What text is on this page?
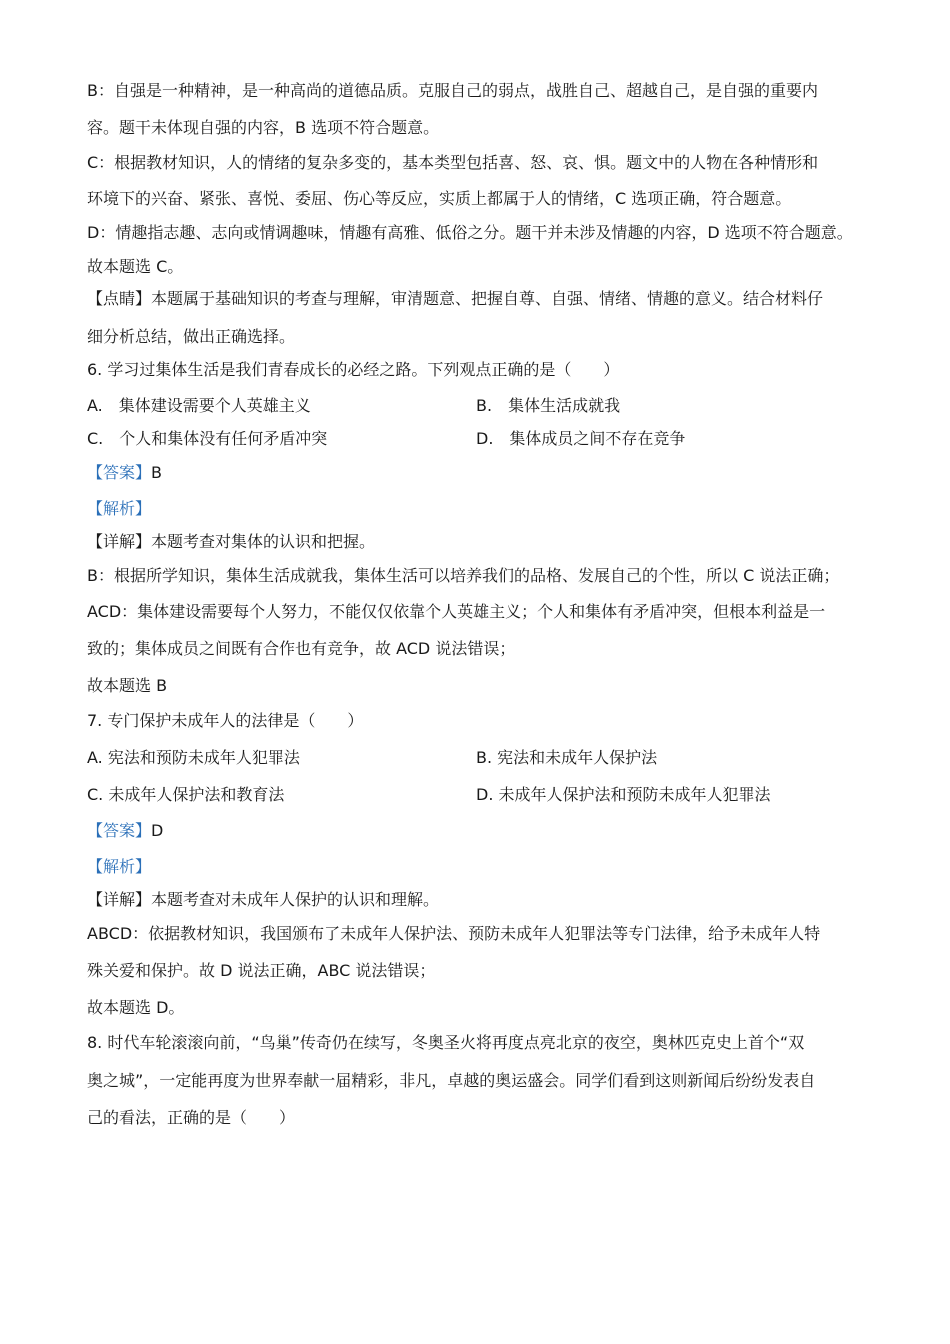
B：自强是一种精神，是一种高尚的道德品质。克服自己的弱点，战胜自己、超越自己，是自强的重要内
容。题干未体现自强的内容，B 选项不符合题意。
C：根据教材知识，人的情绪的复杂多变的，基本类型包括喜、怒、哀、惧。题文中的人物在各种情形和
环境下的兴奋、紧张、喜悦、委屈、伤心等反应，实质上都属于人的情绪，C 选项正确，符合题意。
D：情趣指志趣、志向或情调趣味，情趣有高雅、低俗之分。题干并未涉及情趣的内容，D 选项不符合题意。
故本题选 C。
【点睛】本题属于基础知识的考查与理解，审清题意、把握自尊、自强、情绪、情趣的意义。结合材料仔
细分析总结，做出正确选择。
6. 学习过集体生活是我们青春成长的必经之路。下列观点正确的是（　　）
A.　集体建设需要个人英雄主义	B.　集体生活成就我
C.　个人和集体没有任何矛盾冲突	D.　集体成员之间不存在竞争
【答案】B
【解析】
【详解】本题考查对集体的认识和把握。
B：根据所学知识，集体生活成就我，集体生活可以培养我们的品格、发展自己的个性，所以 C 说法正确；
ACD：集体建设需要每个人努力，不能仅仅依靠个人英雄主义；个人和集体有矛盾冲突，但根本利益是一
致的；集体成员之间既有合作也有竞争，故 ACD 说法错误；
故本题选 B
7. 专门保护未成年人的法律是（　　）
A. 宪法和预防未成年人犯罪法	B. 宪法和未成年人保护法
C. 未成年人保护法和教育法	D. 未成年人保护法和预防未成年人犯罪法
【答案】D
【解析】
【详解】本题考查对未成年人保护的认识和理解。
ABCD：依据教材知识，我国颁布了未成年人保护法、预防未成年人犯罪法等专门法律，给予未成年人特
殊关爱和保护。故 D 说法正确，ABC 说法错误；
故本题选 D。
8. 时代车轮滚滚向前，“鸟巢”传奇仍在续写，冬奥圣火将再度点亮北京的夜空，奥林匹克史上首个“双
奥之城”，一定能再度为世界奉献一届精彩，非凡，卓越的奥运盛会。同学们看到这则新闻后纷纷发表自
己的看法，正确的是（　　）
